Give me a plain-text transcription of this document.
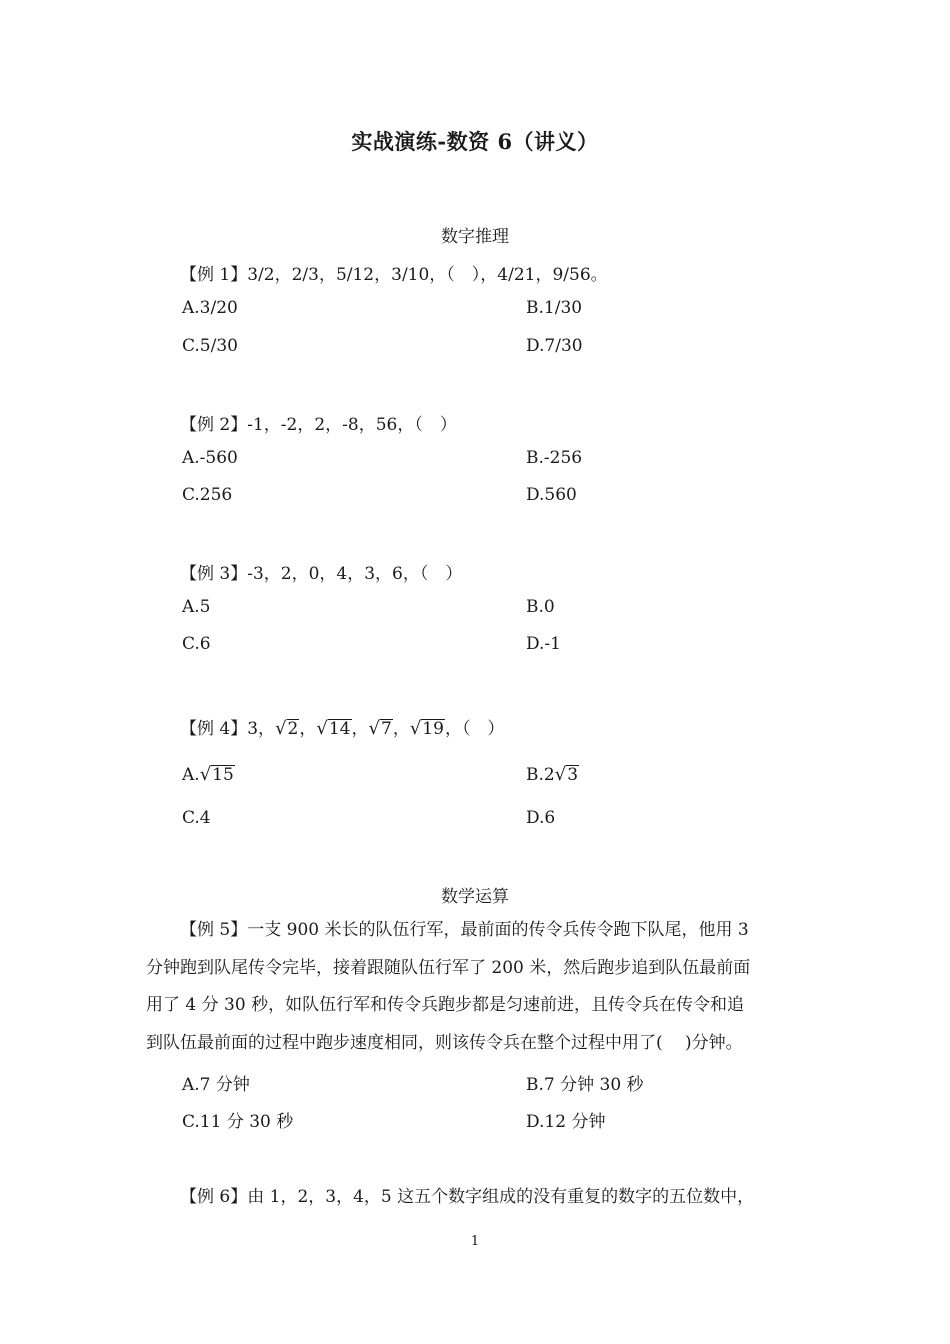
实战演练-数资 6（讲义）
数字推理
【例 1】3/2，2/3，5/12，3/10，（　），4/21，9/56。
A.3/20	B.1/30
C.5/30	D.7/30
【例 2】-1，-2，2，-8，56，（　）
A.-560	B.-256
C.256	D.560
【例 3】-3，2，0，4，3，6，（　）
A.5	B.0
C.6	D.-1
【例 4】3，√2，√14，√7，√19，（　）
A.√15	B.2√3
C.4	D.6
数学运算
【例 5】一支 900 米长的队伍行军，最前面的传令兵传令跑下队尾，他用 3
分钟跑到队尾传令完毕，接着跟随队伍行军了 200 米，然后跑步追到队伍最前面
用了 4 分 30 秒，如队伍行军和传令兵跑步都是匀速前进，且传令兵在传令和追
到队伍最前面的过程中跑步速度相同，则该传令兵在整个过程中用了(　 )分钟。
A.7 分钟	B.7 分钟 30 秒
C.11 分 30 秒	D.12 分钟
【例 6】由 1，2，3，4，5 这五个数字组成的没有重复的数字的五位数中，
1
